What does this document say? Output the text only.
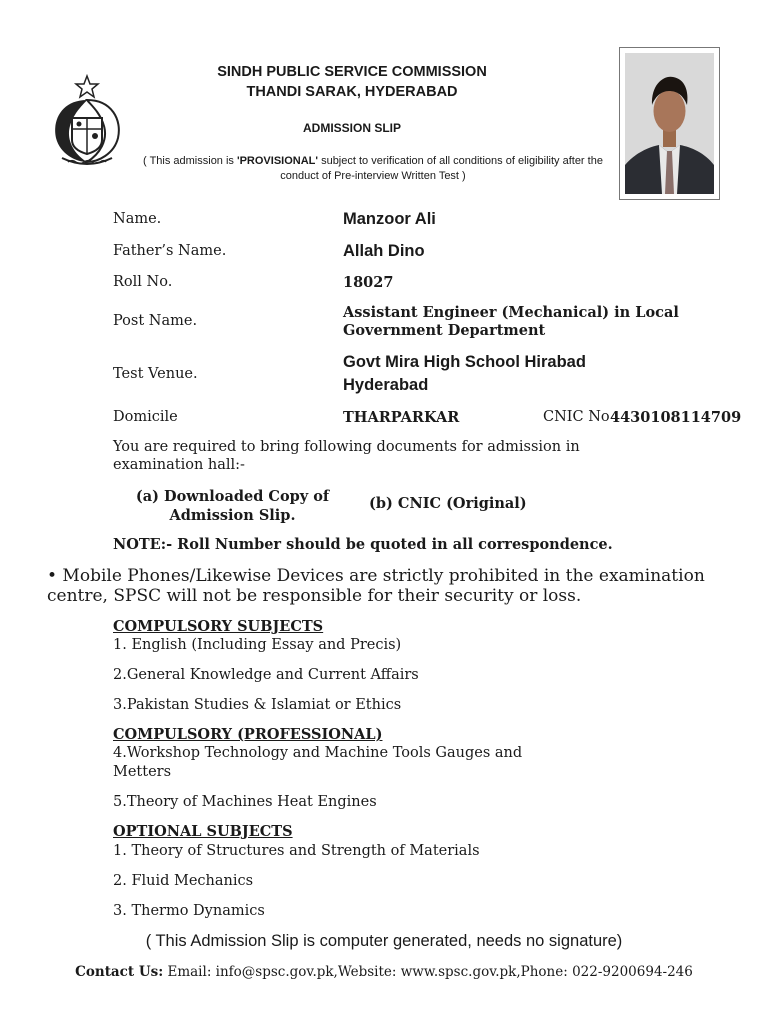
SINDH PUBLIC SERVICE COMMISSION
THANDI SARAK, HYDERABAD
ADMISSION SLIP
( This admission is 'PROVISIONAL' subject to verification of all conditions of eligibility after the conduct of Pre-interview Written Test )
Name.	Manzoor Ali
Father’s Name.	Allah Dino
Roll No.	18027
Post Name.	Assistant Engineer (Mechanical) in Local Government Department
Test Venue.
Govt Mira High School Hirabad Hyderabad
Domicile	THARPARKAR	CNIC No 4430108114709
You are required to bring following documents for admission in examination hall:-
(a) Downloaded Copy of Admission Slip.
(b) CNIC (Original)
NOTE:- Roll Number should be quoted in all correspondence.
• Mobile Phones/Likewise Devices are strictly prohibited in the examination centre, SPSC will not be responsible for their security or loss.
COMPULSORY SUBJECTS
1. English (Including Essay and Precis)
2.General Knowledge and Current Affairs
3.Pakistan Studies & Islamiat or Ethics
COMPULSORY (PROFESSIONAL)
4.Workshop Technology and Machine Tools Gauges and Metters
5.Theory of Machines Heat Engines
OPTIONAL SUBJECTS
1. Theory of Structures and Strength of Materials
2. Fluid Mechanics
3. Thermo Dynamics
( This Admission Slip is computer generated, needs no signature)
Contact Us: Email: info@spsc.gov.pk,Website: www.spsc.gov.pk,Phone: 022-9200694-246
